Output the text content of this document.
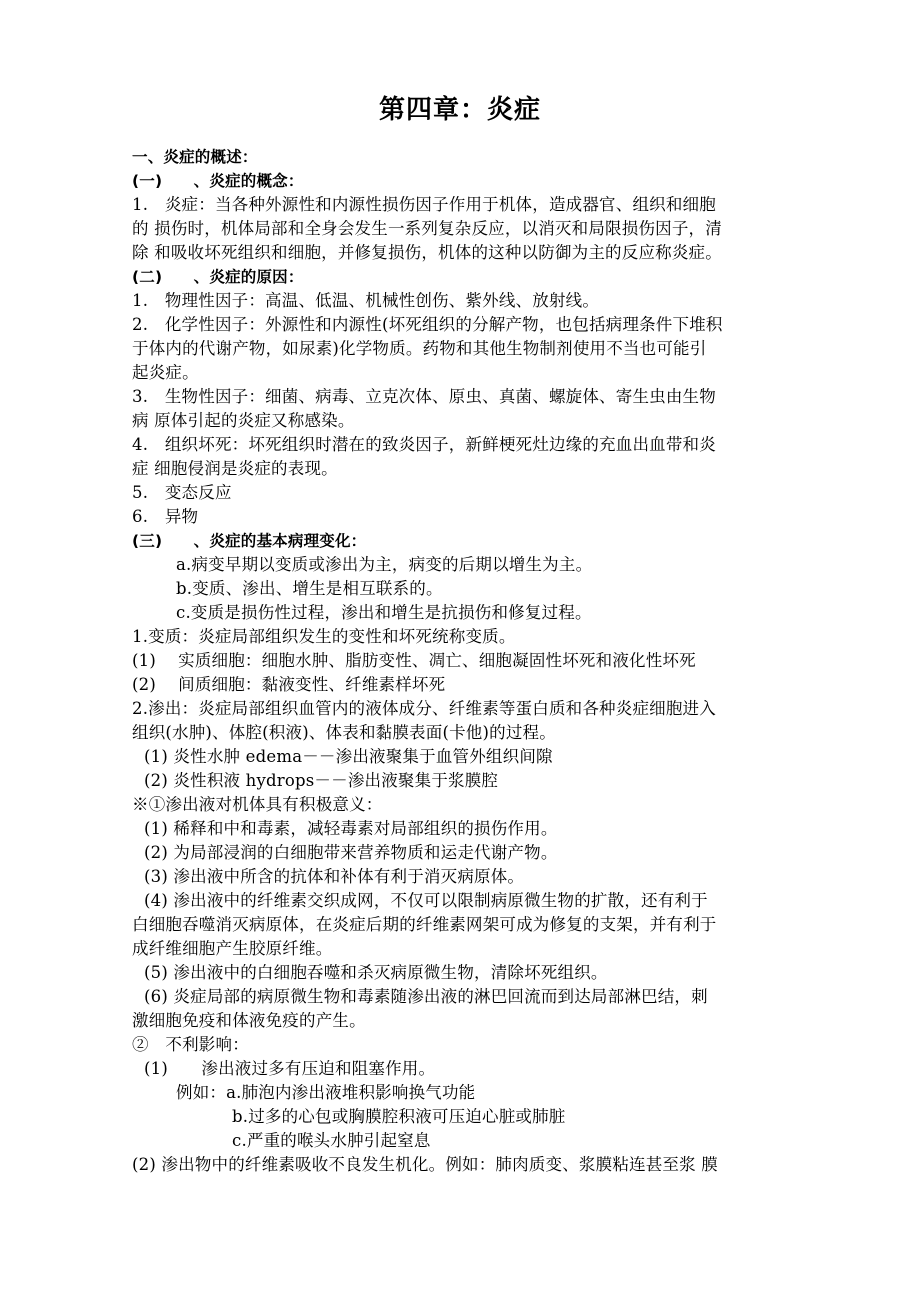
第四章：炎症
一、炎症的概述：
(一)　　、炎症的概念：
1.　炎症：当各种外源性和内源性损伤因子作用于机体，造成器官、组织和细胞
的 损伤时，机体局部和全身会发生一系列复杂反应，以消灭和局限损伤因子，清
除 和吸收坏死组织和细胞，并修复损伤，机体的这种以防御为主的反应称炎症。
(二)　　、炎症的原因：
1.　物理性因子：高温、低温、机械性创伤、紫外线、放射线。
2.　化学性因子：外源性和内源性(坏死组织的分解产物，也包括病理条件下堆积
于体内的代谢产物，如尿素)化学物质。药物和其他生物制剂使用不当也可能引
起炎症。
3.　生物性因子：细菌、病毒、立克次体、原虫、真菌、螺旋体、寄生虫由生物
病 原体引起的炎症又称感染。
4.　组织坏死：坏死组织时潜在的致炎因子，新鲜梗死灶边缘的充血出血带和炎
症 细胞侵润是炎症的表现。
5.　变态反应
6.　异物
(三)　　、炎症的基本病理变化：
a.病变早期以变质或渗出为主，病变的后期以增生为主。
b.变质、渗出、增生是相互联系的。
c.变质是损伤性过程，渗出和增生是抗损伤和修复过程。
1.变质：炎症局部组织发生的变性和坏死统称变质。
(1)　 实质细胞：细胞水肿、脂肪变性、凋亡、细胞凝固性坏死和液化性坏死
(2)　 间质细胞：黏液变性、纤维素样坏死
2.渗出：炎症局部组织血管内的液体成分、纤维素等蛋白质和各种炎症细胞进入
组织(水肿)、体腔(积液)、体表和黏膜表面(卡他)的过程。
(1) 炎性水肿 edema－－渗出液聚集于血管外组织间隙
(2) 炎性积液 hydrops－－渗出液聚集于浆膜腔
※①渗出液对机体具有积极意义：
(1) 稀释和中和毒素，减轻毒素对局部组织的损伤作用。
(2) 为局部浸润的白细胞带来营养物质和运走代谢产物。
(3) 渗出液中所含的抗体和补体有利于消灭病原体。
(4) 渗出液中的纤维素交织成网，不仅可以限制病原微生物的扩散，还有利于
白细胞吞噬消灭病原体，在炎症后期的纤维素网架可成为修复的支架，并有利于
成纤维细胞产生胶原纤维。
(5) 渗出液中的白细胞吞噬和杀灭病原微生物，清除坏死组织。
(6) 炎症局部的病原微生物和毒素随渗出液的淋巴回流而到达局部淋巴结，刺
激细胞免疫和体液免疫的产生。
②　不利影响：
(1)　　渗出液过多有压迫和阻塞作用。
例如：a.肺泡内渗出液堆积影响换气功能
b.过多的心包或胸膜腔积液可压迫心脏或肺脏
c.严重的喉头水肿引起窒息
(2) 渗出物中的纤维素吸收不良发生机化。例如：肺肉质变、浆膜粘连甚至浆 膜
